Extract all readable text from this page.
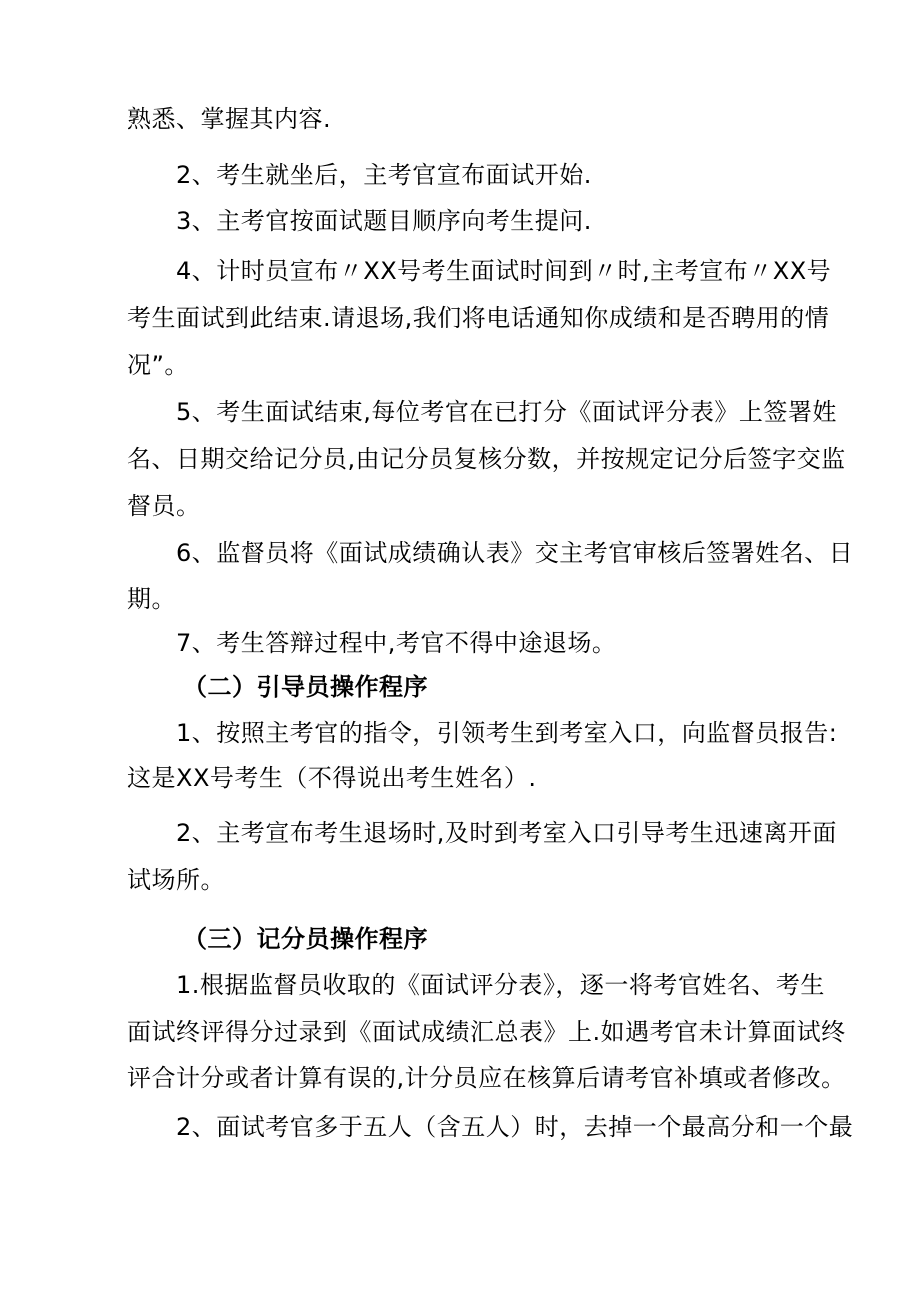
熟悉、掌握其内容.
2、考生就坐后，主考官宣布面试开始.
3、主考官按面试题目顺序向考生提问.
4、计时员宣布〃XX号考生面试时间到〃时,主考宣布〃XX号
考生面试到此结束.请退场,我们将电话通知你成绩和是否聘用的情
况”。
5、考生面试结束,每位考官在已打分《面试评分表》上签署姓
名、日期交给记分员,由记分员复核分数，并按规定记分后签字交监
督员。
6、监督员将《面试成绩确认表》交主考官审核后签署姓名、日
期。
7、考生答辩过程中,考官不得中途退场。
（二）引导员操作程序
1、按照主考官的指令，引领考生到考室入口，向监督员报告:
这是XX号考生（不得说出考生姓名）.
2、主考宣布考生退场时,及时到考室入口引导考生迅速离开面
试场所。
（三）记分员操作程序
1.根据监督员收取的《面试评分表》，逐一将考官姓名、考生
面试终评得分过录到《面试成绩汇总表》上.如遇考官未计算面试终
评合计分或者计算有误的,计分员应在核算后请考官补填或者修改。
2、面试考官多于五人（含五人）时，去掉一个最高分和一个最
